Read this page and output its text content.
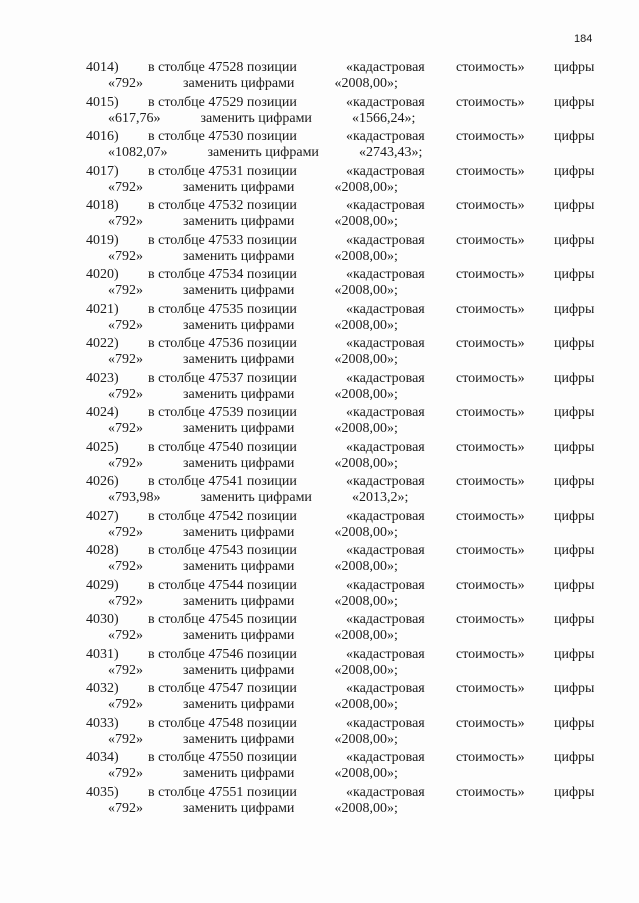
184
4014) в столбце 47528 позиции	«кадастровая стоимость» цифры
«792»	заменить цифрами	«2008,00»;
4015) в столбце 47529 позиции	«кадастровая стоимость» цифры
«617,76»	заменить цифрами	«1566,24»;
4016) в столбце 47530 позиции	«кадастровая стоимость» цифры
«1082,07»	заменить цифрами	«2743,43»;
4017) в столбце 47531 позиции	«кадастровая стоимость» цифры
«792»	заменить цифрами	«2008,00»;
4018) в столбце 47532 позиции	«кадастровая стоимость» цифры
«792»	заменить цифрами	«2008,00»;
4019) в столбце 47533 позиции	«кадастровая стоимость» цифры
«792»	заменить цифрами	«2008,00»;
4020) в столбце 47534 позиции	«кадастровая стоимость» цифры
«792»	заменить цифрами	«2008,00»;
4021) в столбце 47535 позиции	«кадастровая стоимость» цифры
«792»	заменить цифрами	«2008,00»;
4022) в столбце 47536 позиции	«кадастровая стоимость» цифры
«792»	заменить цифрами	«2008,00»;
4023) в столбце 47537 позиции	«кадастровая стоимость» цифры
«792»	заменить цифрами	«2008,00»;
4024) в столбце 47539 позиции	«кадастровая стоимость» цифры
«792»	заменить цифрами	«2008,00»;
4025) в столбце 47540 позиции	«кадастровая стоимость» цифры
«792»	заменить цифрами	«2008,00»;
4026) в столбце 47541 позиции	«кадастровая стоимость» цифры
«793,98»	заменить цифрами	«2013,2»;
4027) в столбце 47542 позиции	«кадастровая стоимость» цифры
«792»	заменить цифрами	«2008,00»;
4028) в столбце 47543 позиции	«кадастровая стоимость» цифры
«792»	заменить цифрами	«2008,00»;
4029) в столбце 47544 позиции	«кадастровая стоимость» цифры
«792»	заменить цифрами	«2008,00»;
4030) в столбце 47545 позиции	«кадастровая стоимость» цифры
«792»	заменить цифрами	«2008,00»;
4031) в столбце 47546 позиции	«кадастровая стоимость» цифры
«792»	заменить цифрами	«2008,00»;
4032) в столбце 47547 позиции	«кадастровая стоимость» цифры
«792»	заменить цифрами	«2008,00»;
4033) в столбце 47548 позиции	«кадастровая стоимость» цифры
«792»	заменить цифрами	«2008,00»;
4034) в столбце 47550 позиции	«кадастровая стоимость» цифры
«792»	заменить цифрами	«2008,00»;
4035) в столбце 47551 позиции	«кадастровая стоимость» цифры
«792»	заменить цифрами	«2008,00»;
